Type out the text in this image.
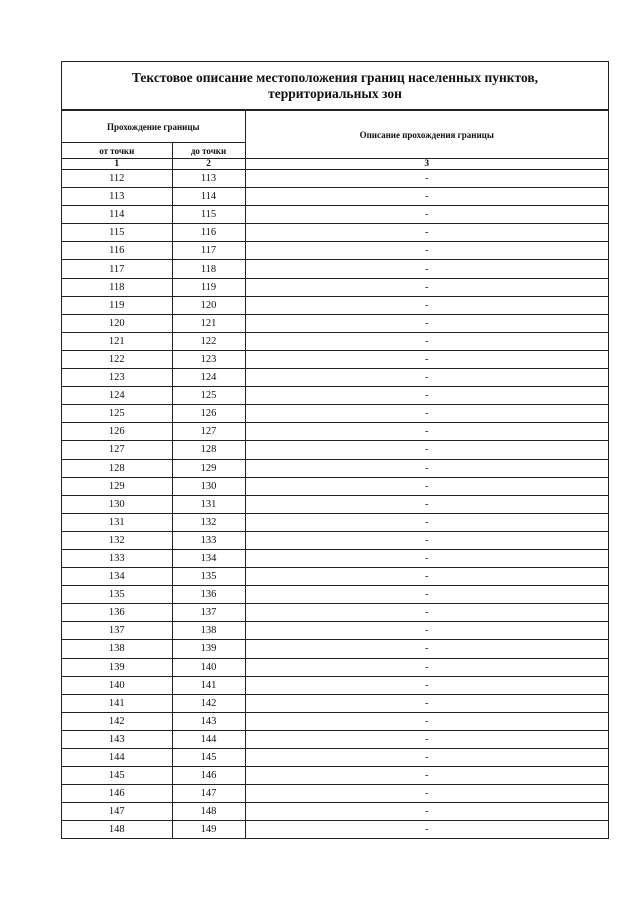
Текстовое описание местоположения границ населенных пунктов,
территориальных зон
Прохождение границы		Описание прохождения границы
от точки	до точки	
1	2	3
112	113	-
113	114	-
114	115	-
115	116	-
116	117	-
117	118	-
118	119	-
119	120	-
120	121	-
121	122	-
122	123	-
123	124	-
124	125	-
125	126	-
126	127	-
127	128	-
128	129	-
129	130	-
130	131	-
131	132	-
132	133	-
133	134	-
134	135	-
135	136	-
136	137	-
137	138	-
138	139	-
139	140	-
140	141	-
141	142	-
142	143	-
143	144	-
144	145	-
145	146	-
146	147	-
147	148	-
148	149	-
